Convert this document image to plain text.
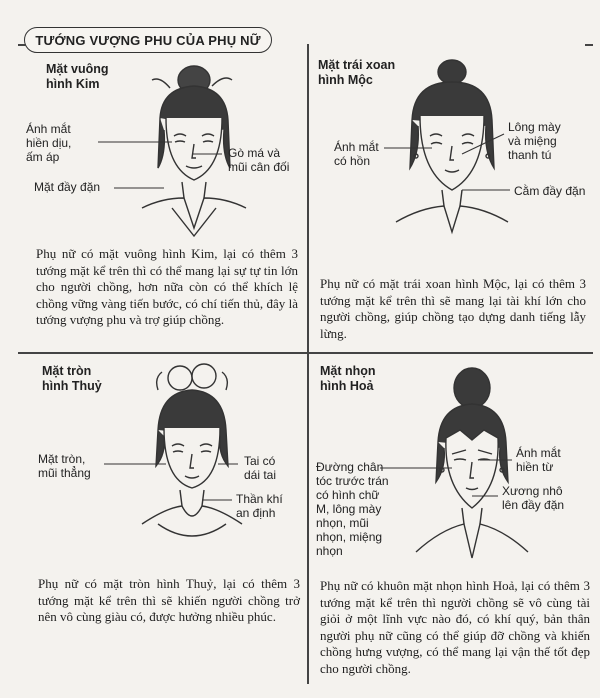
TƯỚNG VƯỢNG PHU CỦA PHỤ NỮ
Mặt vuông
hình Kim
Ánh mắt
hiền dịu,
ấm áp	Gò má và
mũi cân đối
Mặt đầy đặn
Phụ nữ có mặt vuông hình Kim, lại có thêm 3 tướng mặt kể trên thì có thể mang lại sự tự tin lớn cho người chồng, hơn nữa còn có thể khích lệ chồng vững vàng tiến bước, có chí tiến thủ, đây là tướng vượng phu và trợ giúp chồng.
Mặt trái xoan
hình Mộc
Ánh mắt
có hồn
Lông mày
và miệng
thanh tú
Cằm đầy đặn
Phụ nữ có mặt trái xoan hình Mộc, lại có thêm 3 tướng mặt kể trên thì sẽ mang lại tài khí lớn cho người chồng, giúp chồng tạo dựng danh tiếng lẫy lừng.
Mặt tròn
hình Thuỷ
Mặt tròn,
mũi thẳng
Tai có
dái tai
Thần khí
an định
Phụ nữ có mặt tròn hình Thuỷ, lại có thêm 3 tướng mặt kể trên thì sẽ khiến người chồng trở nên vô cùng giàu có, được hưởng nhiều phúc.
Mặt nhọn
hình Hoả
Ánh mắt
hiền từ
Đường chân
tóc trước trán
có hình chữ
M, lông mày
nhọn, mũi
nhọn, miệng
nhọn
Xương nhô
lên đầy đặn
Phụ nữ có khuôn mặt nhọn hình Hoả, lại có thêm 3 tướng mặt kể trên thì người chồng sẽ vô cùng tài giỏi ở một lĩnh vực nào đó, có khí quý, bản thân người phụ nữ cũng có thể giúp đỡ chồng và khiến chồng hưng vượng, có thể mang lại vận thế tốt đẹp cho người chồng.
